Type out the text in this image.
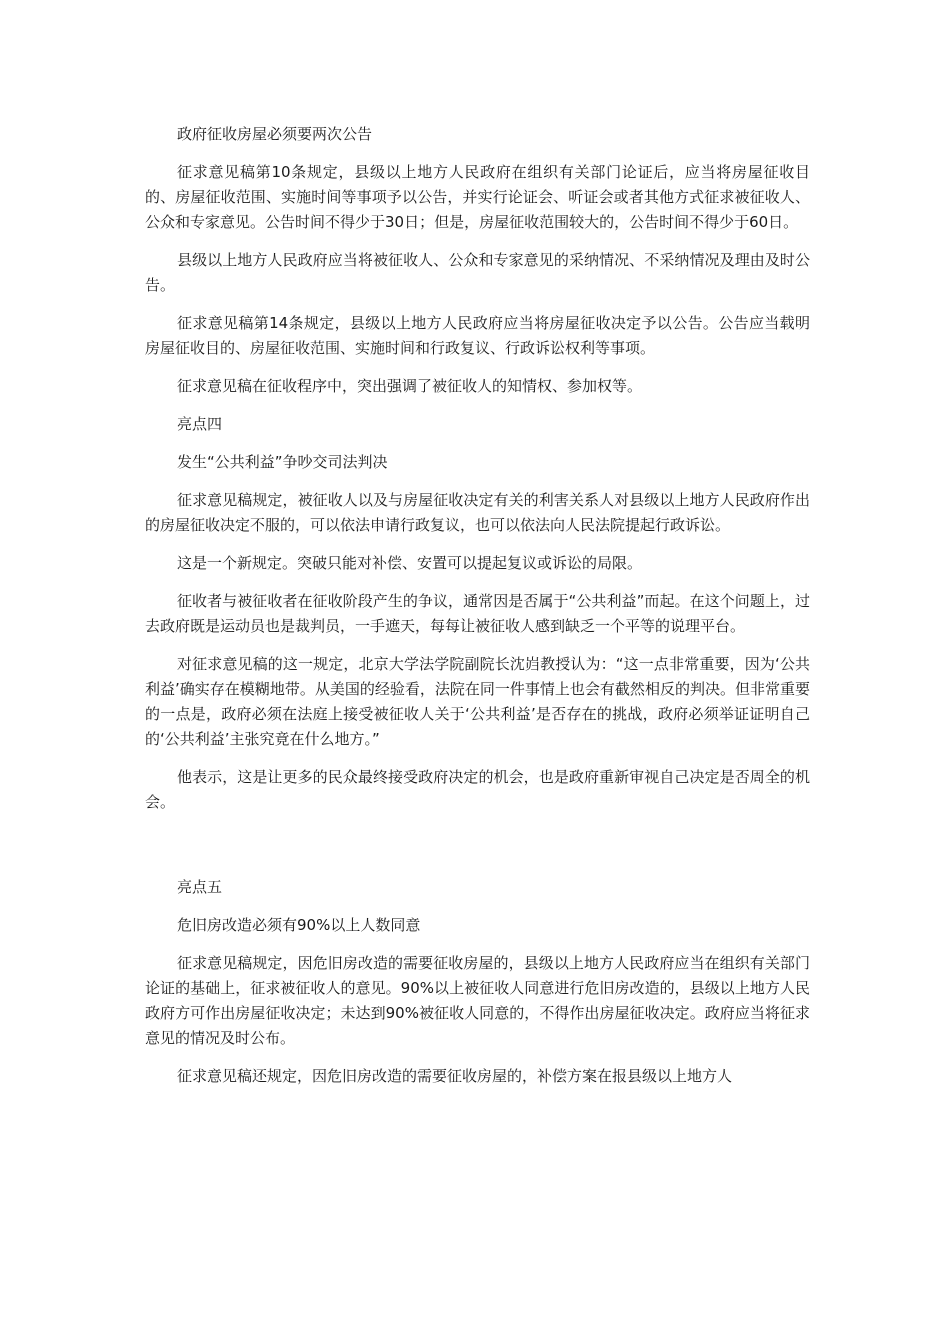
政府征收房屋必须要两次公告

征求意见稿第10条规定，县级以上地方人民政府在组织有关部门论证后，应当将房屋征收目的、房屋征收范围、实施时间等事项予以公告，并实行论证会、听证会或者其他方式征求被征收人、公众和专家意见。公告时间不得少于30日；但是，房屋征收范围较大的，公告时间不得少于60日。

县级以上地方人民政府应当将被征收人、公众和专家意见的采纳情况、不采纳情况及理由及时公告。

征求意见稿第14条规定，县级以上地方人民政府应当将房屋征收决定予以公告。公告应当载明房屋征收目的、房屋征收范围、实施时间和行政复议、行政诉讼权利等事项。

征求意见稿在征收程序中，突出强调了被征收人的知情权、参加权等。

亮点四

发生“公共利益”争吵交司法判决

征求意见稿规定，被征收人以及与房屋征收决定有关的利害关系人对县级以上地方人民政府作出的房屋征收决定不服的，可以依法申请行政复议，也可以依法向人民法院提起行政诉讼。

这是一个新规定。突破只能对补偿、安置可以提起复议或诉讼的局限。

征收者与被征收者在征收阶段产生的争议，通常因是否属于“公共利益”而起。在这个问题上，过去政府既是运动员也是裁判员，一手遮天，每每让被征收人感到缺乏一个平等的说理平台。

对征求意见稿的这一规定，北京大学法学院副院长沈岿教授认为：“这一点非常重要，因为‘公共利益’确实存在模糊地带。从美国的经验看，法院在同一件事情上也会有截然相反的判决。但非常重要的一点是，政府必须在法庭上接受被征收人关于‘公共利益’是否存在的挑战，政府必须举证证明自己的‘公共利益’主张究竟在什么地方。”

他表示，这是让更多的民众最终接受政府决定的机会，也是政府重新审视自己决定是否周全的机会。

亮点五

危旧房改造必须有90%以上人数同意

征求意见稿规定，因危旧房改造的需要征收房屋的，县级以上地方人民政府应当在组织有关部门论证的基础上，征求被征收人的意见。90%以上被征收人同意进行危旧房改造的，县级以上地方人民政府方可作出房屋征收决定；未达到90%被征收人同意的，不得作出房屋征收决定。政府应当将征求意见的情况及时公布。

征求意见稿还规定，因危旧房改造的需要征收房屋的，补偿方案在报县级以上地方人
